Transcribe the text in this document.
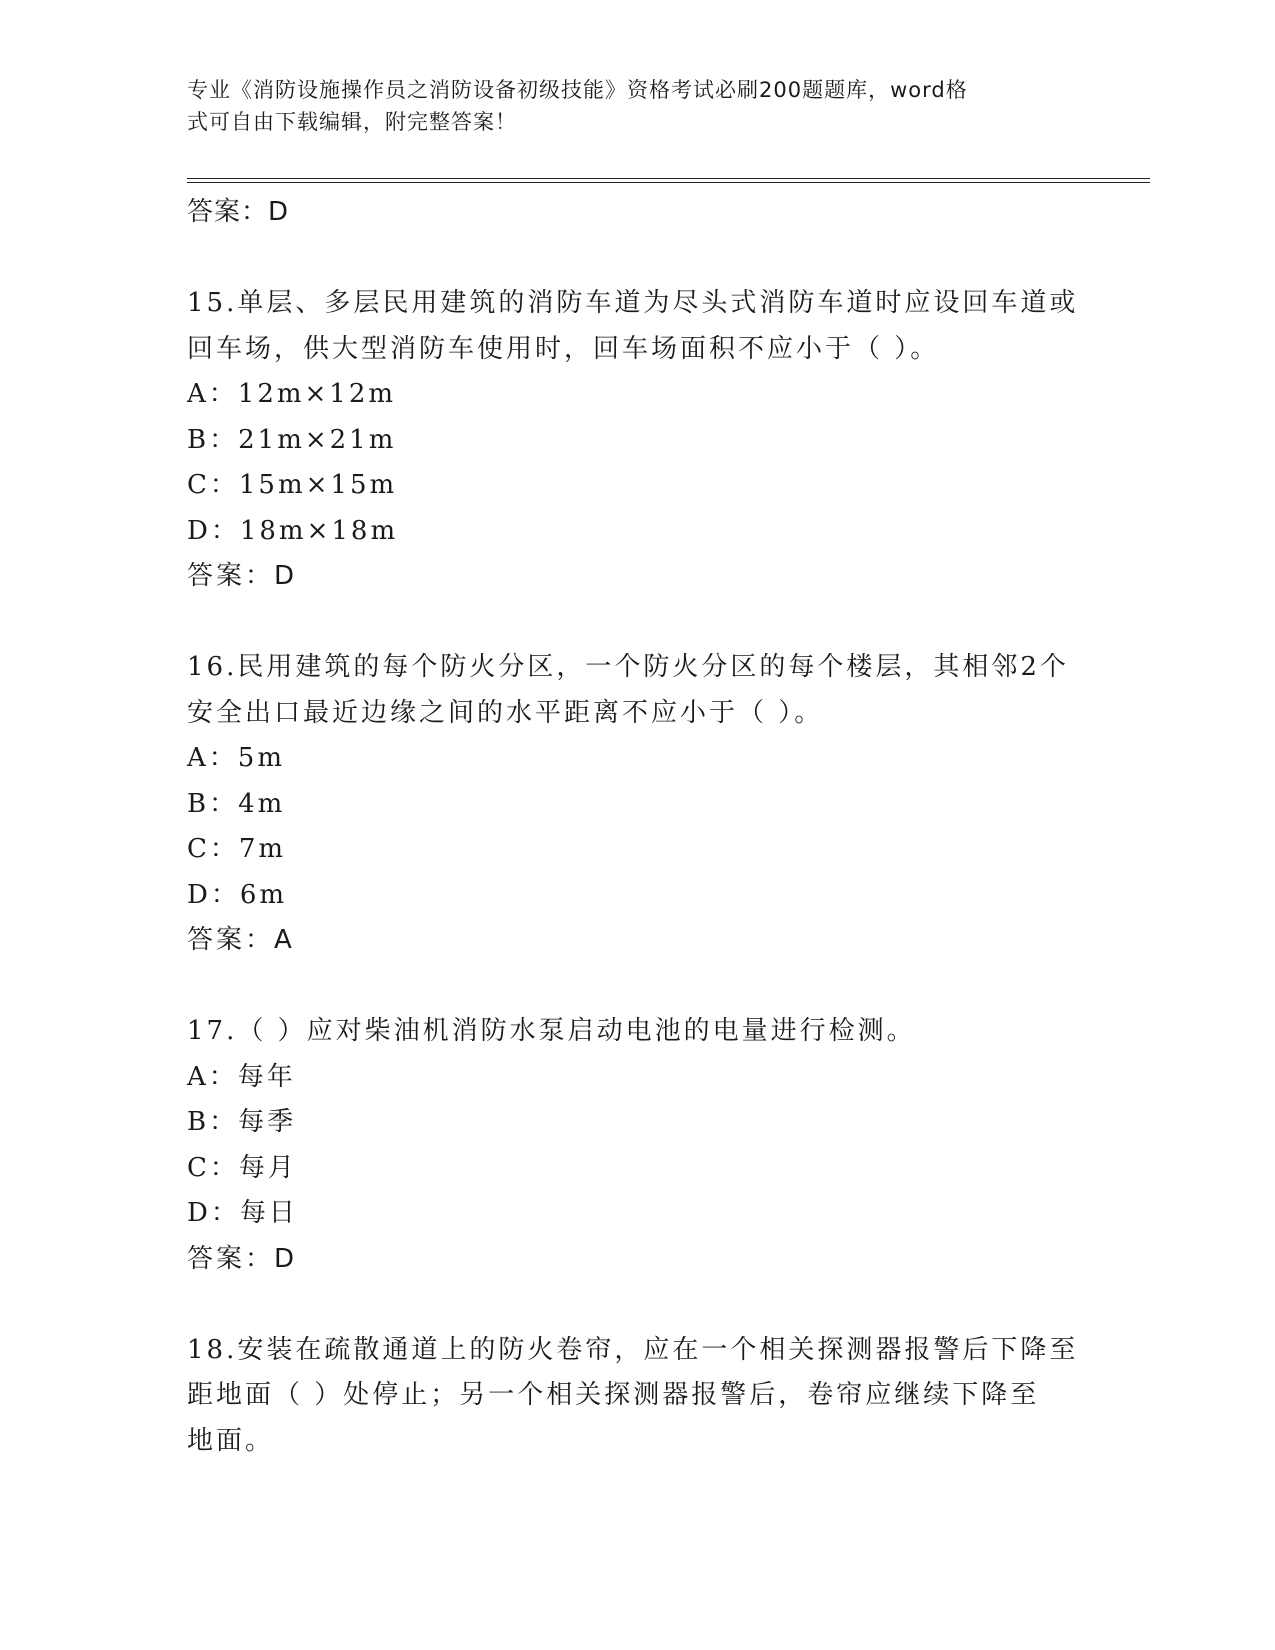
专业《消防设施操作员之消防设备初级技能》资格考试必刷200题题库，word格
式可自由下载编辑，附完整答案！
答案：D
15.单层、多层民用建筑的消防车道为尽头式消防车道时应设回车道或
回车场，供大型消防车使用时，回车场面积不应小于（ ）。
A：12m×12m
B：21m×21m
C：15m×15m
D：18m×18m
答案：D
16.民用建筑的每个防火分区，一个防火分区的每个楼层，其相邻2个
安全出口最近边缘之间的水平距离不应小于（ ）。
A：5m
B：4m
C：7m
D：6m
答案：A
17.（ ）应对柴油机消防水泵启动电池的电量进行检测。
A：每年
B：每季
C：每月
D：每日
答案：D
18.安装在疏散通道上的防火卷帘，应在一个相关探测器报警后下降至
距地面（ ）处停止；另一个相关探测器报警后，卷帘应继续下降至
地面。
